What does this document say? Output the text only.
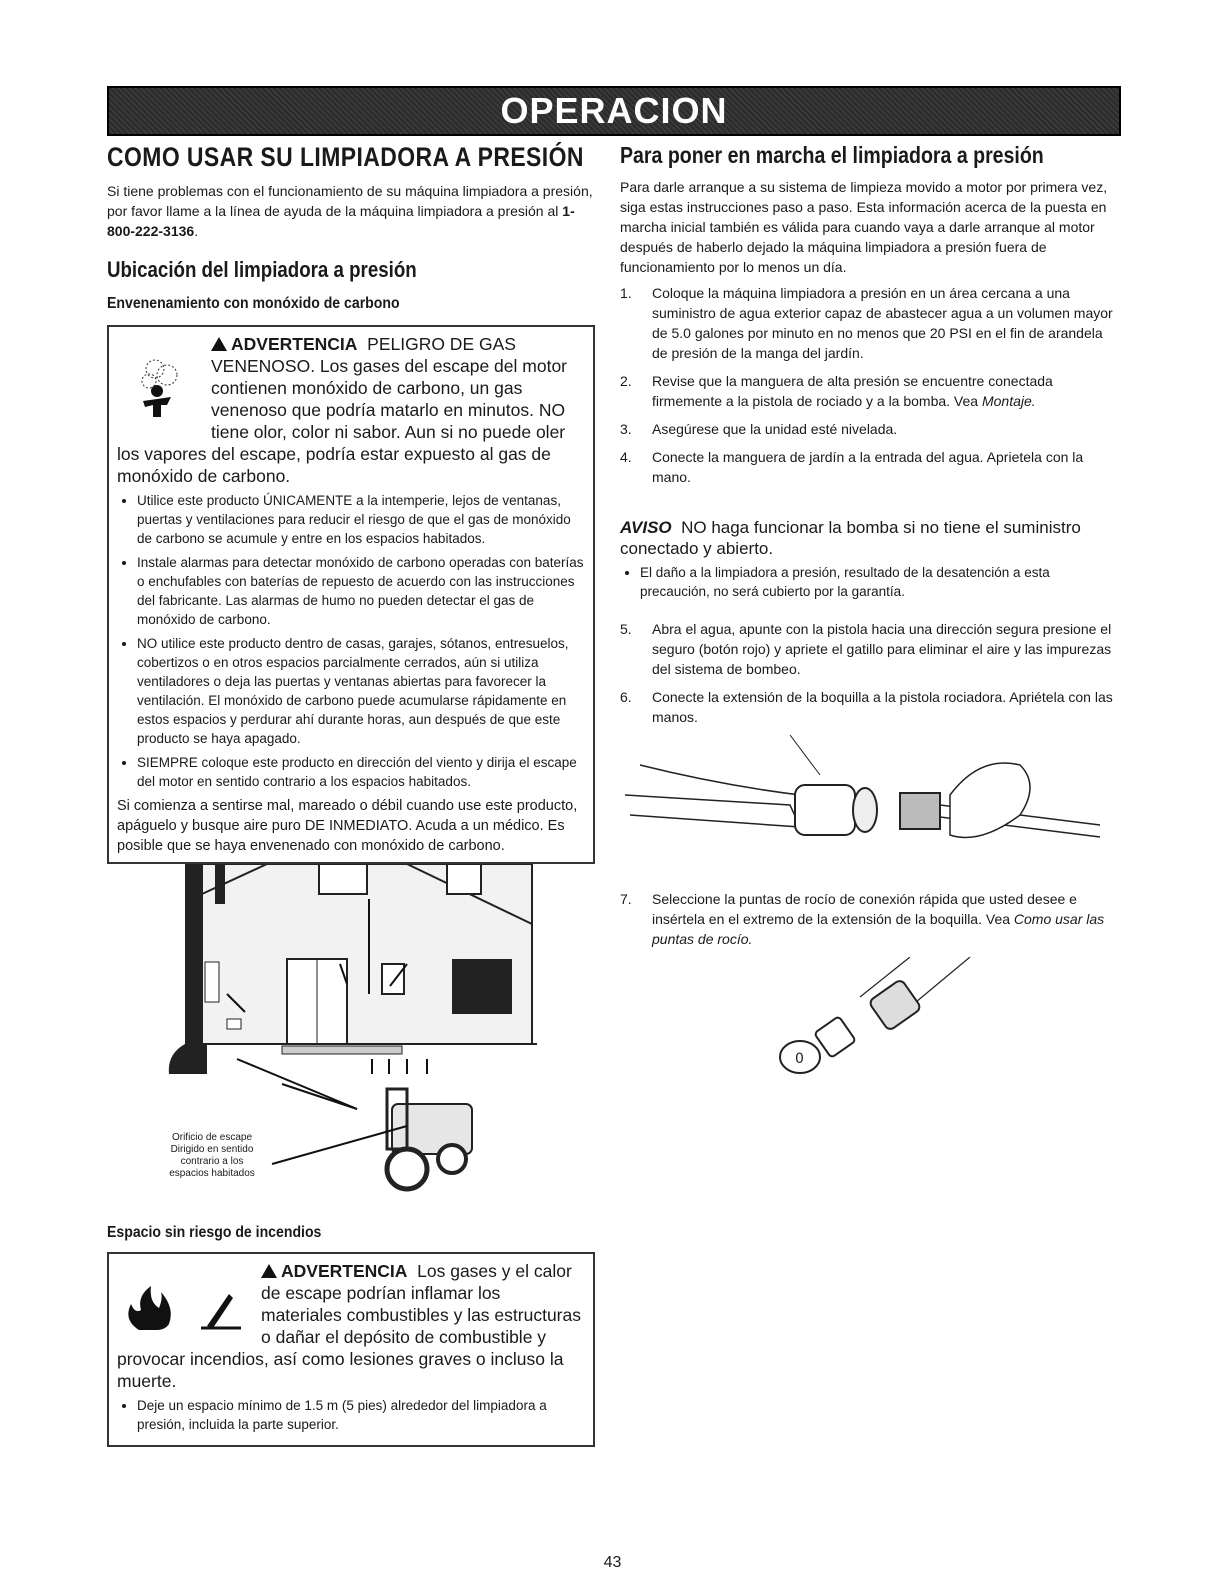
OPERACION
COMO USAR SU LIMPIADORA A PRESIÓN

Si tiene problemas con el funcionamiento de su máquina limpiadora a presión, por favor llame a la línea de ayuda de la máquina limpiadora a presión al 1-800-222-3136.

Ubicación del limpiadora a presión
Envenenamiento con monóxido de carbono
ADVERTENCIA PELIGRO DE GAS VENENOSO. Los gases del escape del motor contienen monóxido de carbono, un gas venenoso que podría matarlo en minutos. NO tiene olor, color ni sabor. Aun si no puede oler los vapores del escape, podría estar expuesto al gas de monóxido de carbono.
• Utilice este producto ÚNICAMENTE a la intemperie, lejos de ventanas, puertas y ventilaciones para reducir el riesgo de que el gas de monóxido de carbono se acumule y entre en los espacios habitados.
• Instale alarmas para detectar monóxido de carbono operadas con baterías o enchufables con baterías de repuesto de acuerdo con las instrucciones del fabricante. Las alarmas de humo no pueden detectar el gas de monóxido de carbono.
• NO utilice este producto dentro de casas, garajes, sótanos, entresuelos, cobertizos o en otros espacios parcialmente cerrados, aún si utiliza ventiladores o deja las puertas y ventanas abiertas para favorecer la ventilación. El monóxido de carbono puede acumularse rápidamente en estos espacios y perdurar ahí durante horas, aun después de que este producto se haya apagado.
• SIEMPRE coloque este producto en dirección del viento y dirija el escape del motor en sentido contrario a los espacios habitados.

Si comienza a sentirse mal, mareado o débil cuando use este producto, apáguelo y busque aire puro DE INMEDIATO. Acuda a un médico. Es posible que se haya envenenado con monóxido de carbono.

Orificio de escape
Dirigido en sentido
contrario a los
espacios habitados
Espacio sin riesgo de incendios
ADVERTENCIA Los gases y el calor de escape podrían inflamar los materiales combustibles y las estructuras o dañar el depósito de combustible y provocar incendios, así como lesiones graves o incluso la muerte.
• Deje un espacio mínimo de 1.5 m (5 pies) alrededor del limpiadora a presión, incluida la parte superior.
Para poner en marcha el limpiadora a presión

Para darle arranque a su sistema de limpieza movido a motor por primera vez, siga estas instrucciones paso a paso. Esta información acerca de la puesta en marcha inicial también es válida para cuando vaya a darle arranque al motor después de haberlo dejado la máquina limpiadora a presión fuera de funcionamiento por lo menos un día.

1. Coloque la máquina limpiadora a presión en un área cercana a una suministro de agua exterior capaz de abastecer agua a un volumen mayor de 5.0 galones por minuto en no menos que 20 PSI en el fin de arandela de presión de la manga del jardín.
2. Revise que la manguera de alta presión se encuentre conectada firmemente a la pistola de rociado y a la bomba. Vea Montaje.
3. Asegúrese que la unidad esté nivelada.
4. Conecte la manguera de jardín a la entrada del agua. Aprietela con la mano.

AVISO NO haga funcionar la bomba si no tiene el suministro conectado y abierto.

• El daño a la limpiadora a presión, resultado de la desatención a esta precaución, no será cubierto por la garantía.
5. Abra el agua, apunte con la pistola hacia una dirección segura presione el seguro (botón rojo) y apriete el gatillo para eliminar el aire y las impurezas del sistema de bombeo.
6. Conecte la extensión de la boquilla a la pistola rociadora. Apriétela con las manos.
7. Seleccione la puntas de rocío de conexión rápida que usted desee e insértela en el extremo de la extensión de la boquilla. Vea Como usar las puntas de rocío.
0
43
